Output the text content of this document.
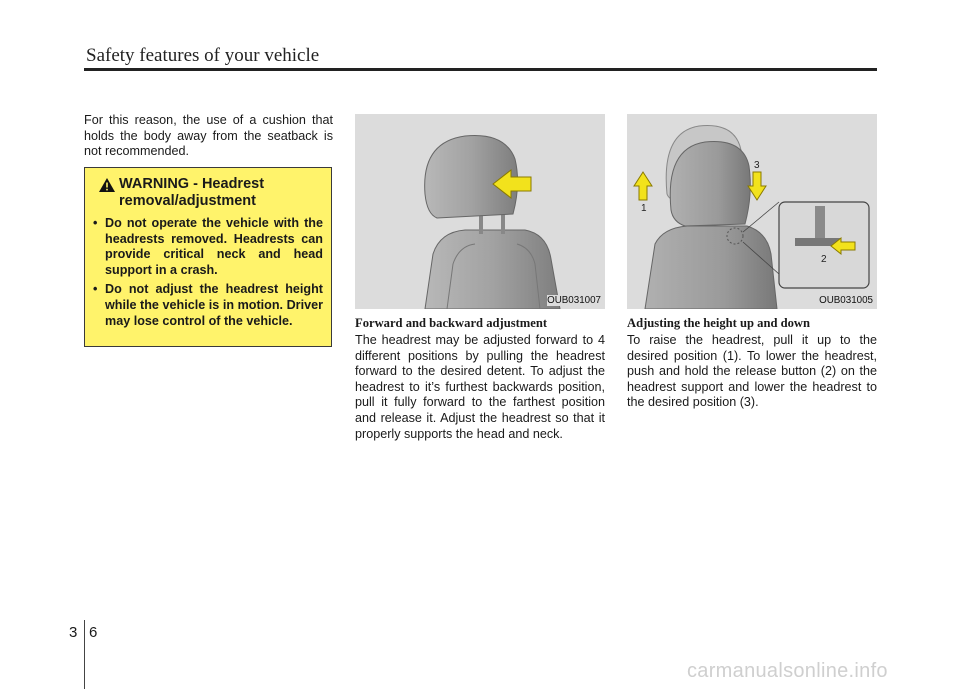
Safety features of your vehicle
For this reason, the use of a cushion that holds the body away from the seatback is not recommended.
WARNING - Headrest removal/adjustment
• Do not operate the vehicle with the headrests removed. Headrests can provide critical neck and head support in a crash.
• Do not adjust the headrest height while the vehicle is in motion. Driver may lose control of the vehicle.
OUB031007
1
3
2
OUB031005
Forward and backward adjustment
The headrest may be adjusted forward to 4 different positions by pulling the headrest forward to the desired detent. To adjust the headrest to it’s furthest backwards position, pull it fully forward to the farthest position and release it. Adjust the headrest so that it properly supports the head and neck.
Adjusting the height up and down
To raise the headrest, pull it up to the desired position (1). To lower the headrest, push and hold the release button (2) on the headrest support and lower the headrest to the desired position (3).
3 6
carmanualsonline.info
